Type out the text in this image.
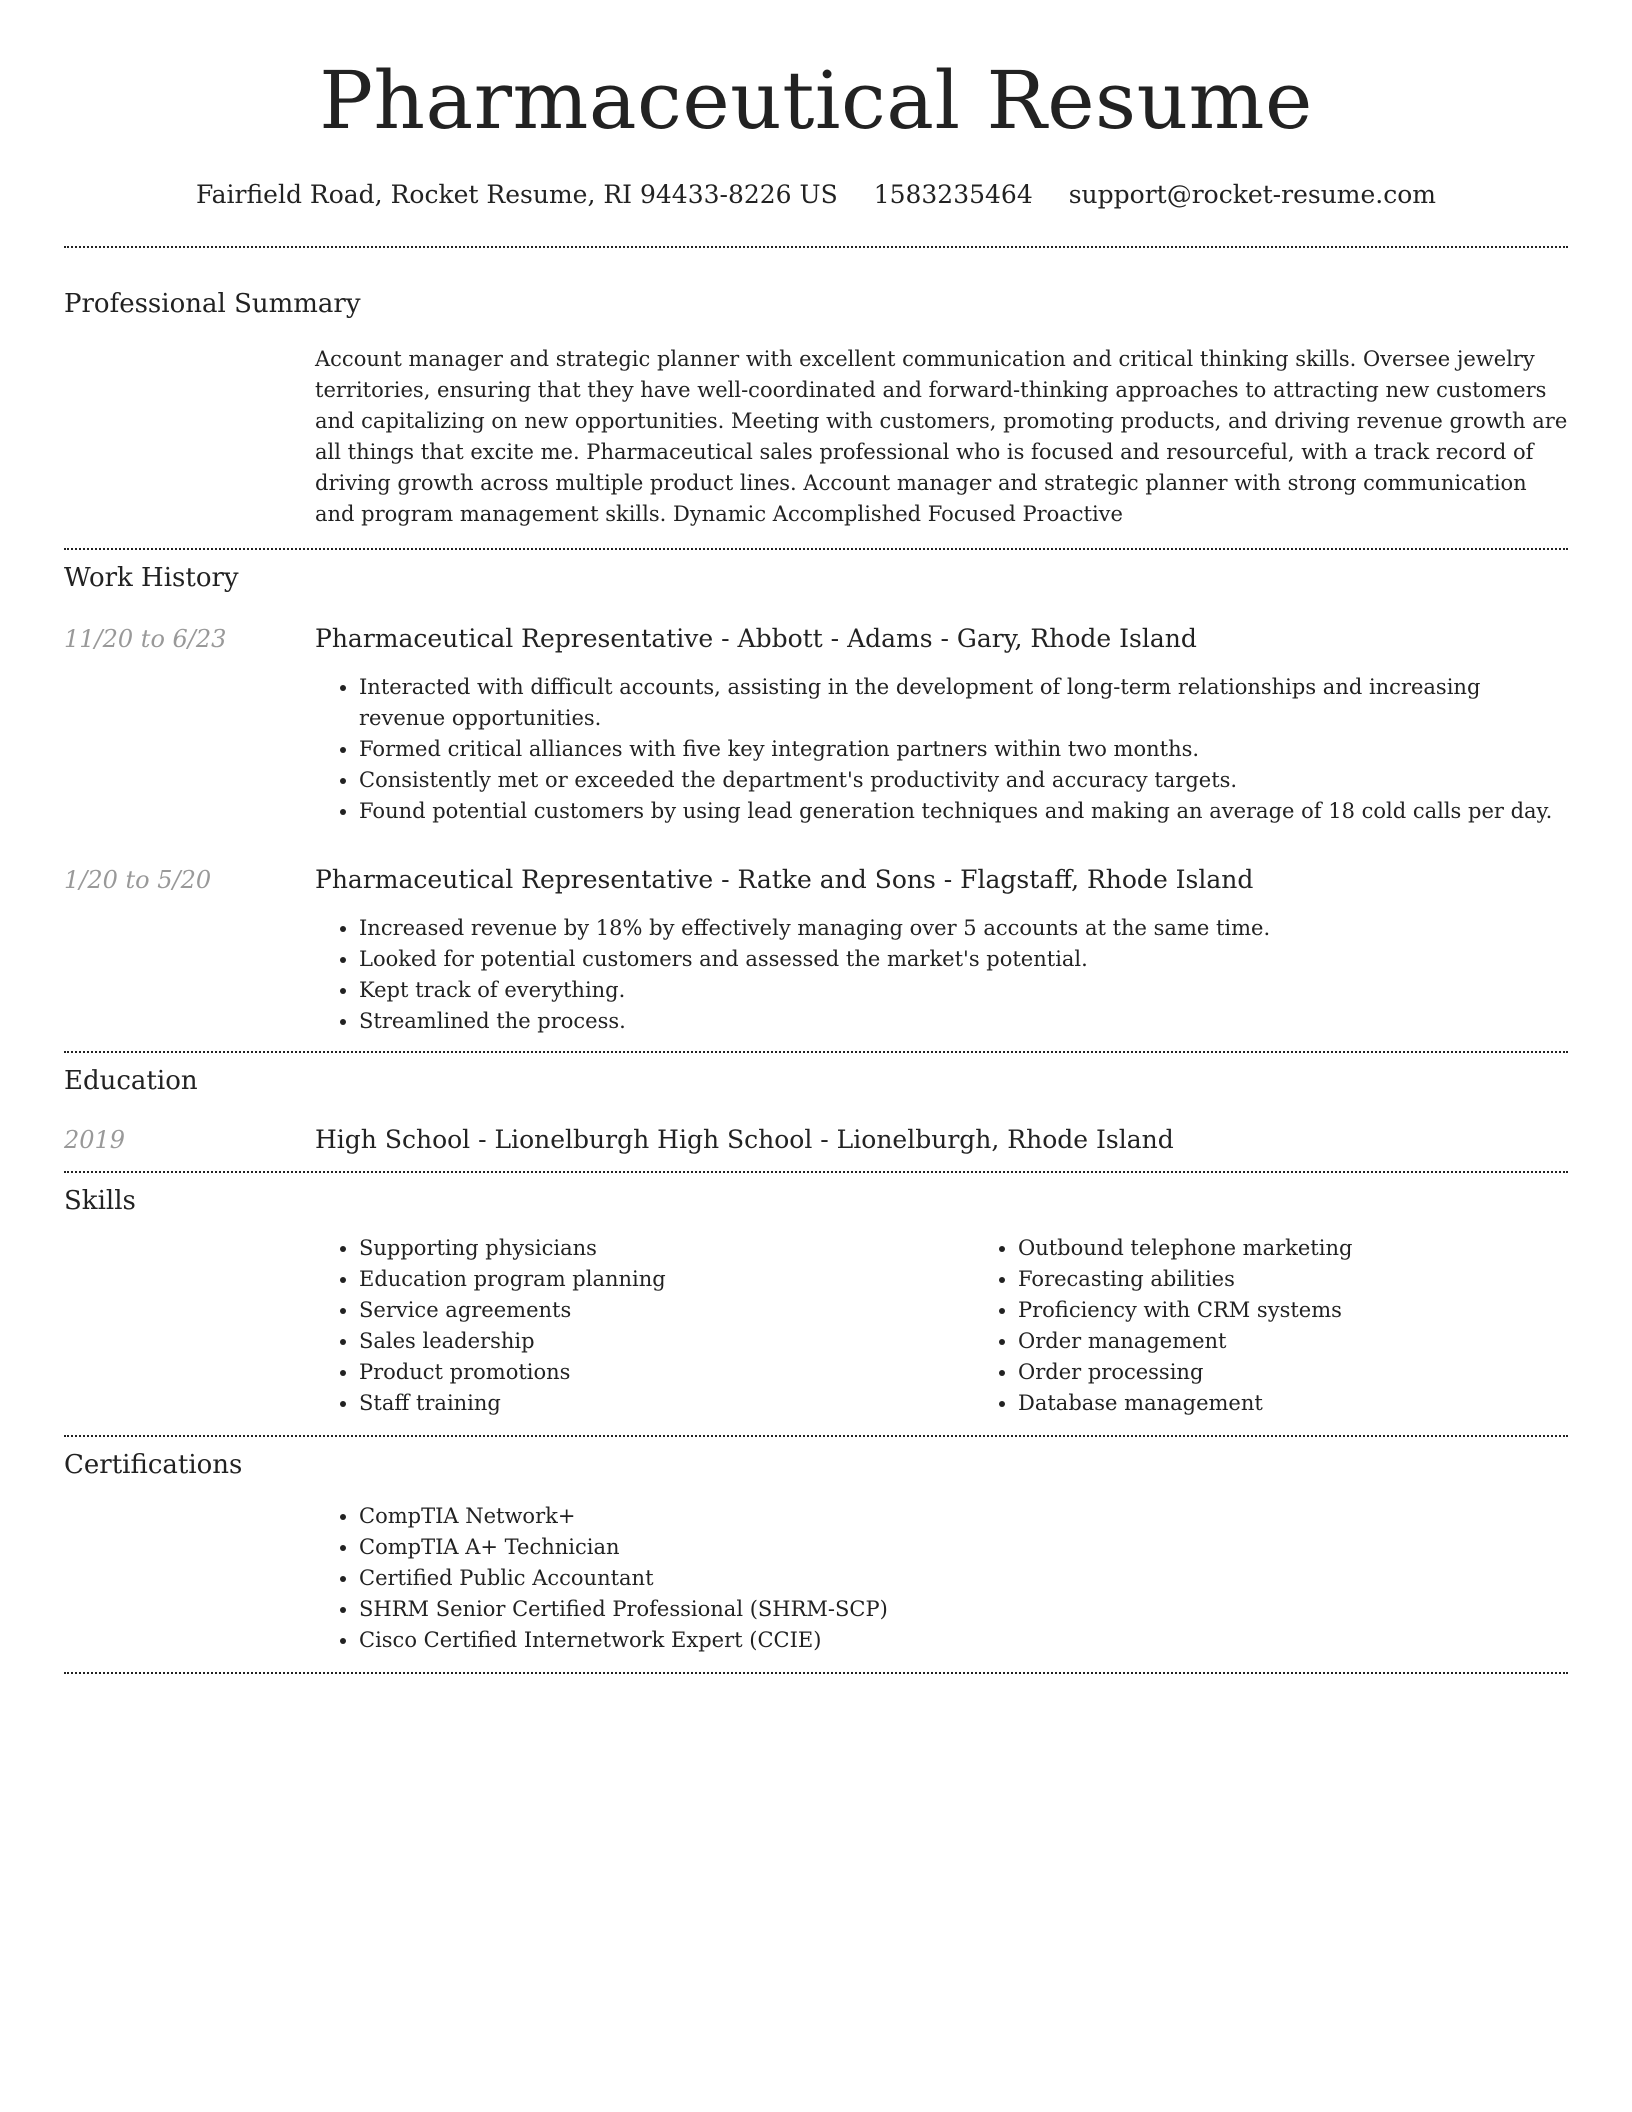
Pharmaceutical Resume
Fairfield Road, Rocket Resume, RI 94433-8226 US 1583235464 support@rocket-resume.com
Professional Summary
Account manager and strategic planner with excellent communication and critical thinking skills. Oversee jewelry territories, ensuring that they have well-coordinated and forward-thinking approaches to attracting new customers and capitalizing on new opportunities. Meeting with customers, promoting products, and driving revenue growth are all things that excite me. Pharmaceutical sales professional who is focused and resourceful, with a track record of driving growth across multiple product lines. Account manager and strategic planner with strong communication and program management skills. Dynamic Accomplished Focused Proactive
Work History
11/20 to 6/23	Pharmaceutical Representative - Abbott - Adams - Gary, Rhode Island
• Interacted with difficult accounts, assisting in the development of long-term relationships and increasing revenue opportunities.
• Formed critical alliances with five key integration partners within two months.
• Consistently met or exceeded the department's productivity and accuracy targets.
• Found potential customers by using lead generation techniques and making an average of 18 cold calls per day.
1/20 to 5/20	Pharmaceutical Representative - Ratke and Sons - Flagstaff, Rhode Island
• Increased revenue by 18% by effectively managing over 5 accounts at the same time.
• Looked for potential customers and assessed the market's potential.
• Kept track of everything.
• Streamlined the process.
Education
2019	High School - Lionelburgh High School - Lionelburgh, Rhode Island
Skills
• Supporting physicians
• Education program planning
• Service agreements
• Sales leadership
• Product promotions
• Staff training
• Outbound telephone marketing
• Forecasting abilities
• Proficiency with CRM systems
• Order management
• Order processing
• Database management
Certifications
• CompTIA Network+
• CompTIA A+ Technician
• Certified Public Accountant
• SHRM Senior Certified Professional (SHRM-SCP)
• Cisco Certified Internetwork Expert (CCIE)
